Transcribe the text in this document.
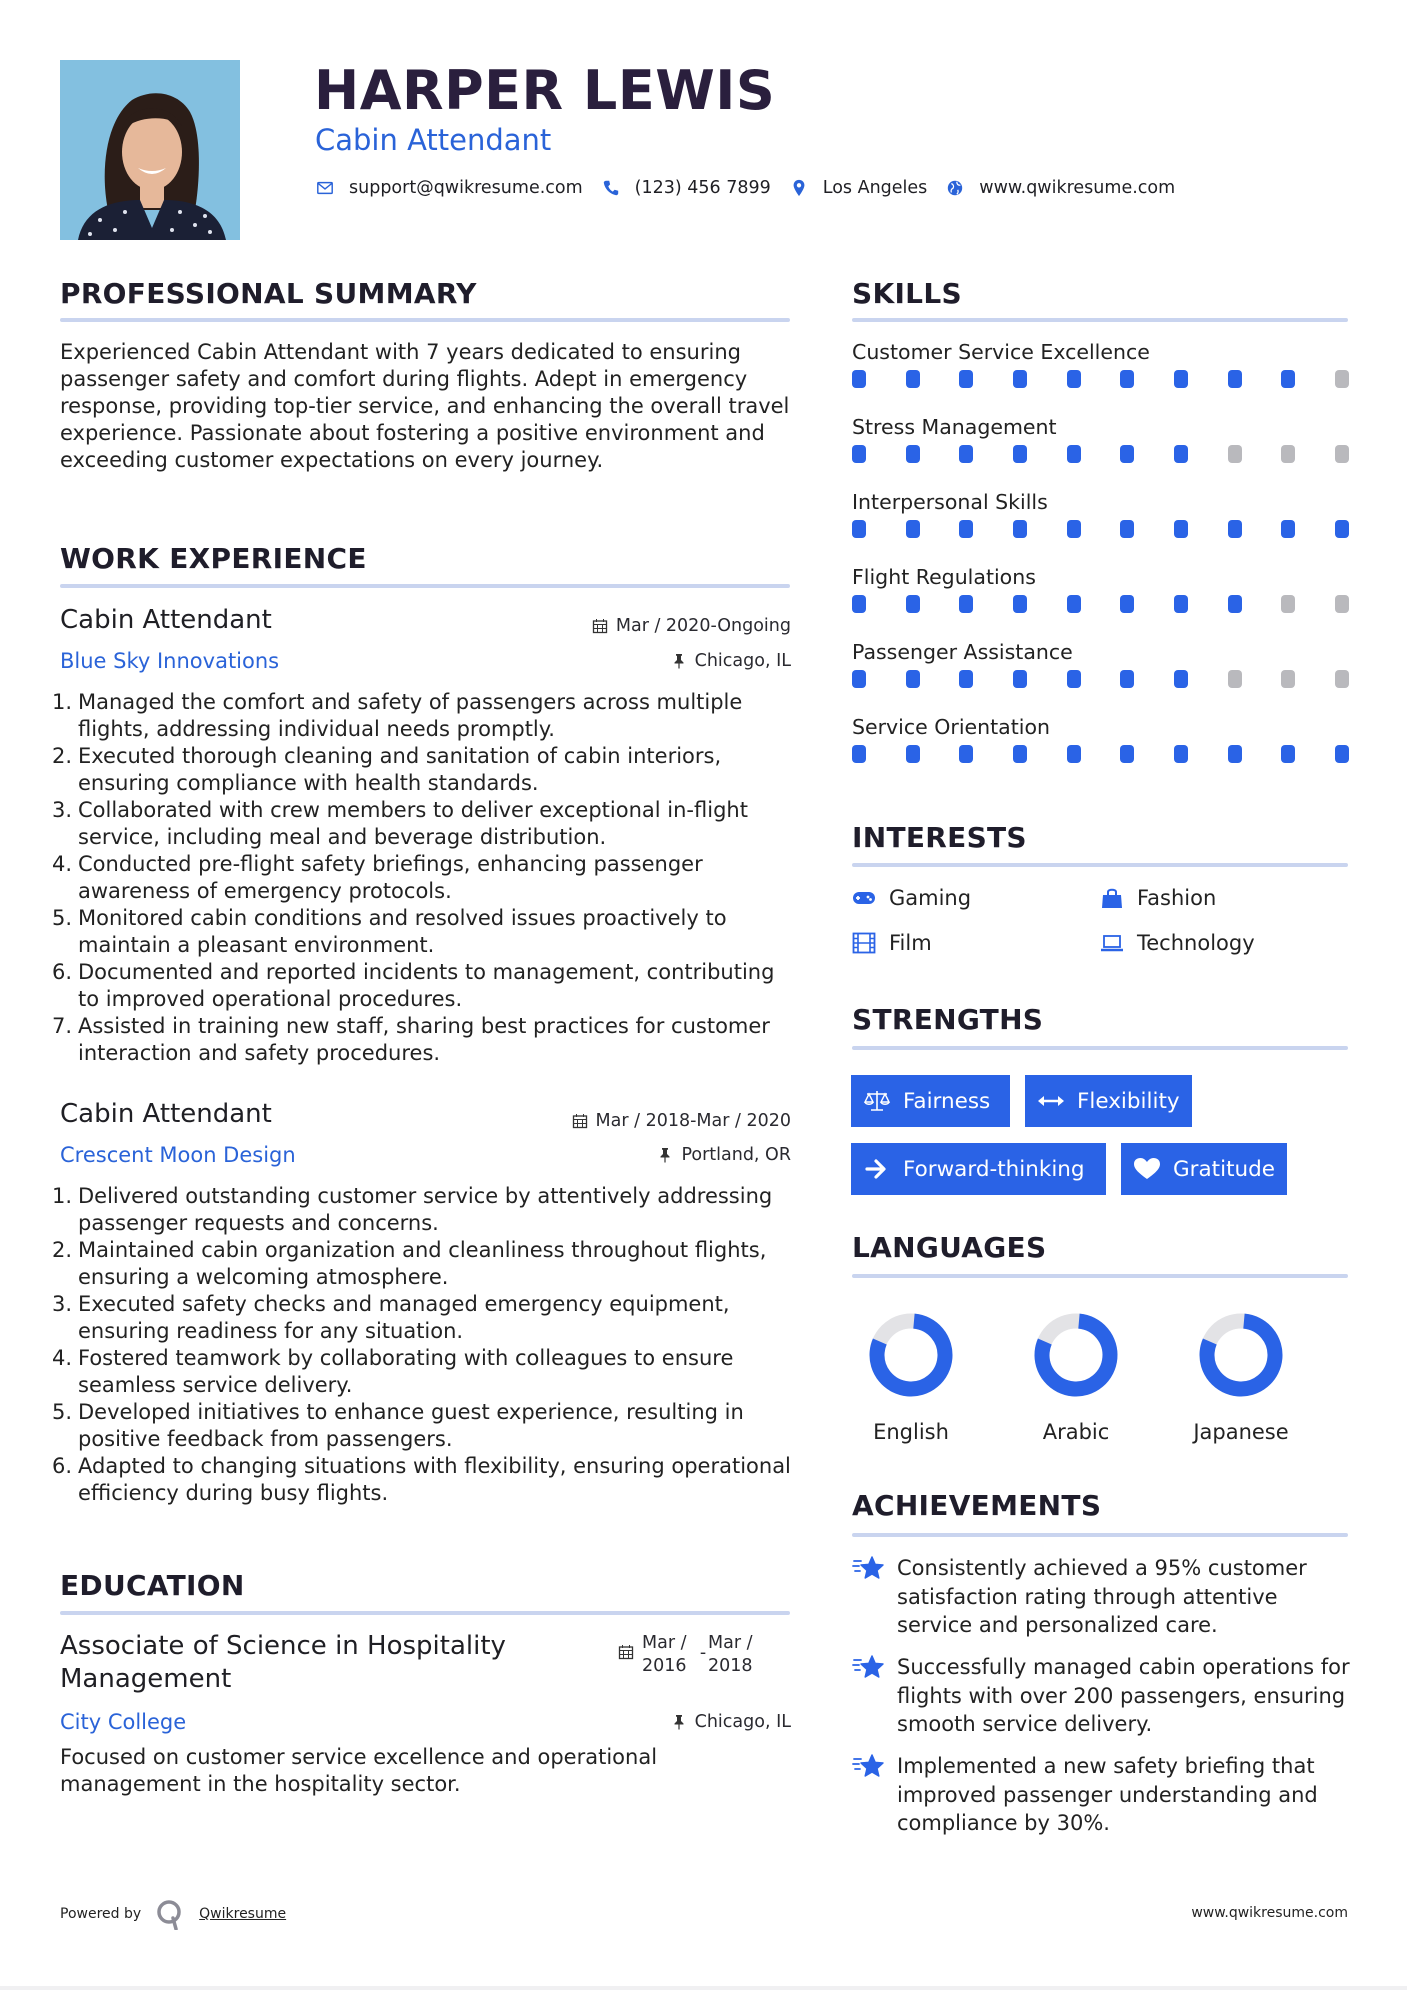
HARPER LEWIS
Cabin Attendant
support@qwikresume.com	(123) 456 7899	Los Angeles	www.qwikresume.com
PROFESSIONAL SUMMARY
Experienced Cabin Attendant with 7 years dedicated to ensuring passenger safety and comfort during flights. Adept in emergency response, providing top-tier service, and enhancing the overall travel experience. Passionate about fostering a positive environment and exceeding customer expectations on every journey.
WORK EXPERIENCE
Cabin Attendant	Mar / 2020-Ongoing
Blue Sky Innovations	Chicago, IL
1. Managed the comfort and safety of passengers across multiple flights, addressing individual needs promptly.
2. Executed thorough cleaning and sanitation of cabin interiors, ensuring compliance with health standards.
3. Collaborated with crew members to deliver exceptional in-flight service, including meal and beverage distribution.
4. Conducted pre-flight safety briefings, enhancing passenger awareness of emergency protocols.
5. Monitored cabin conditions and resolved issues proactively to maintain a pleasant environment.
6. Documented and reported incidents to management, contributing to improved operational procedures.
7. Assisted in training new staff, sharing best practices for customer interaction and safety procedures.
Cabin Attendant	Mar / 2018-Mar / 2020
Crescent Moon Design	Portland, OR
1. Delivered outstanding customer service by attentively addressing passenger requests and concerns.
2. Maintained cabin organization and cleanliness throughout flights, ensuring a welcoming atmosphere.
3. Executed safety checks and managed emergency equipment, ensuring readiness for any situation.
4. Fostered teamwork by collaborating with colleagues to ensure seamless service delivery.
5. Developed initiatives to enhance guest experience, resulting in positive feedback from passengers.
6. Adapted to changing situations with flexibility, ensuring operational efficiency during busy flights.
EDUCATION
Associate of Science in Hospitality Management
Mar /
2016
- Mar /
2018
City College	Chicago, IL
Focused on customer service excellence and operational management in the hospitality sector.
SKILLS
Customer Service Excellence
Stress Management
Interpersonal Skills
Flight Regulations
Passenger Assistance
Service Orientation
INTERESTS
Gaming	Fashion
Film	Technology
STRENGTHS
Fairness	Flexibility
Forward-thinking	Gratitude
LANGUAGES
English	Arabic	Japanese
ACHIEVEMENTS
Consistently achieved a 95% customer satisfaction rating through attentive service and personalized care.
Successfully managed cabin operations for flights with over 200 passengers, ensuring smooth service delivery.
Implemented a new safety briefing that improved passenger understanding and compliance by 30%.
Powered by	Qwikresume	www.qwikresume.com
